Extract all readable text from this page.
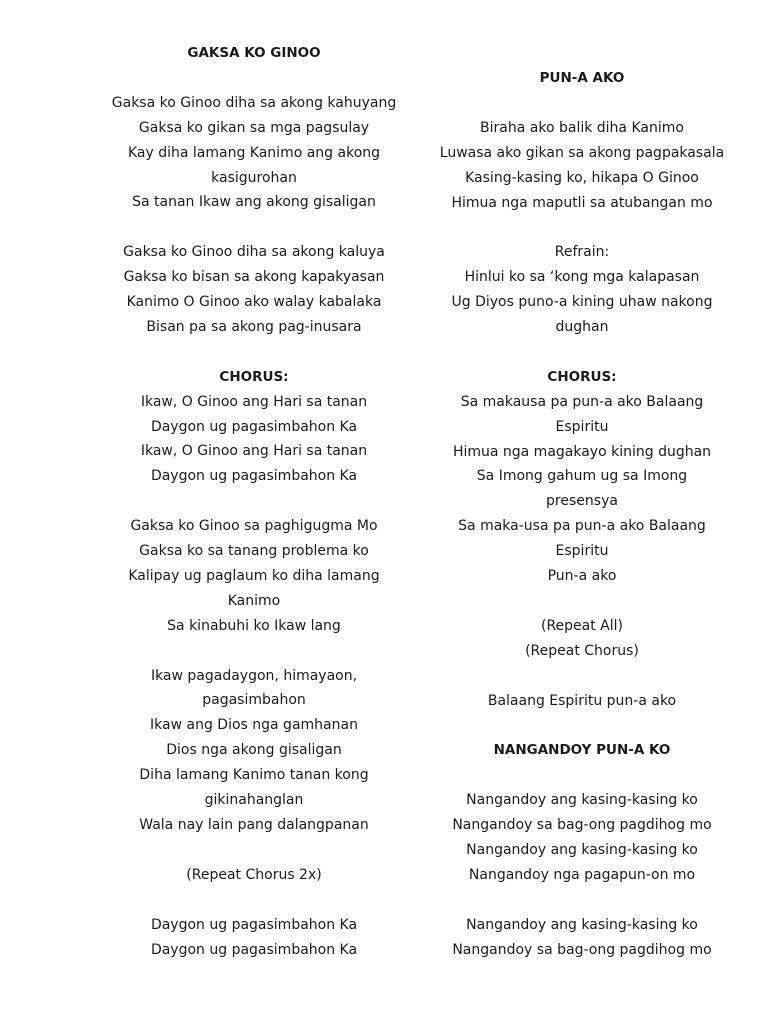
GAKSA KO GINOO
Gaksa ko Ginoo diha sa akong kahuyang
Gaksa ko gikan sa mga pagsulay
Kay diha lamang Kanimo ang akong
kasigurohan
Sa tanan Ikaw ang akong gisaligan
Gaksa ko Ginoo diha sa akong kaluya
Gaksa ko bisan sa akong kapakyasan
Kanimo O Ginoo ako walay kabalaka
Bisan pa sa akong pag-inusara
CHORUS:
Ikaw, O Ginoo ang Hari sa tanan
Daygon ug pagasimbahon Ka
Ikaw, O Ginoo ang Hari sa tanan
Daygon ug pagasimbahon Ka
Gaksa ko Ginoo sa paghigugma Mo
Gaksa ko sa tanang problema ko
Kalipay ug paglaum ko diha lamang
Kanimo
Sa kinabuhi ko Ikaw lang
Ikaw pagadaygon, himayaon,
pagasimbahon
Ikaw ang Dios nga gamhanan
Dios nga akong gisaligan
Diha lamang Kanimo tanan kong
gikinahanglan
Wala nay lain pang dalangpanan
(Repeat Chorus 2x)
Daygon ug pagasimbahon Ka
Daygon ug pagasimbahon Ka
PUN-A AKO
Biraha ako balik diha Kanimo
Luwasa ako gikan sa akong pagpakasala
Kasing-kasing ko, hikapa O Ginoo
Himua nga maputli sa atubangan mo
Refrain:
Hinlui ko sa ‘kong mga kalapasan
Ug Diyos puno-a kining uhaw nakong
dughan
CHORUS:
Sa makausa pa pun-a ako Balaang
Espiritu
Himua nga magakayo kining dughan
Sa Imong gahum ug sa Imong
presensya
Sa maka-usa pa pun-a ako Balaang
Espiritu
Pun-a ako
(Repeat All)
(Repeat Chorus)
Balaang Espiritu pun-a ako
NANGANDOY PUN-A KO
Nangandoy ang kasing-kasing ko
Nangandoy sa bag-ong pagdihog mo
Nangandoy ang kasing-kasing ko
Nangandoy nga pagapun-on mo
Nangandoy ang kasing-kasing ko
Nangandoy sa bag-ong pagdihog mo
